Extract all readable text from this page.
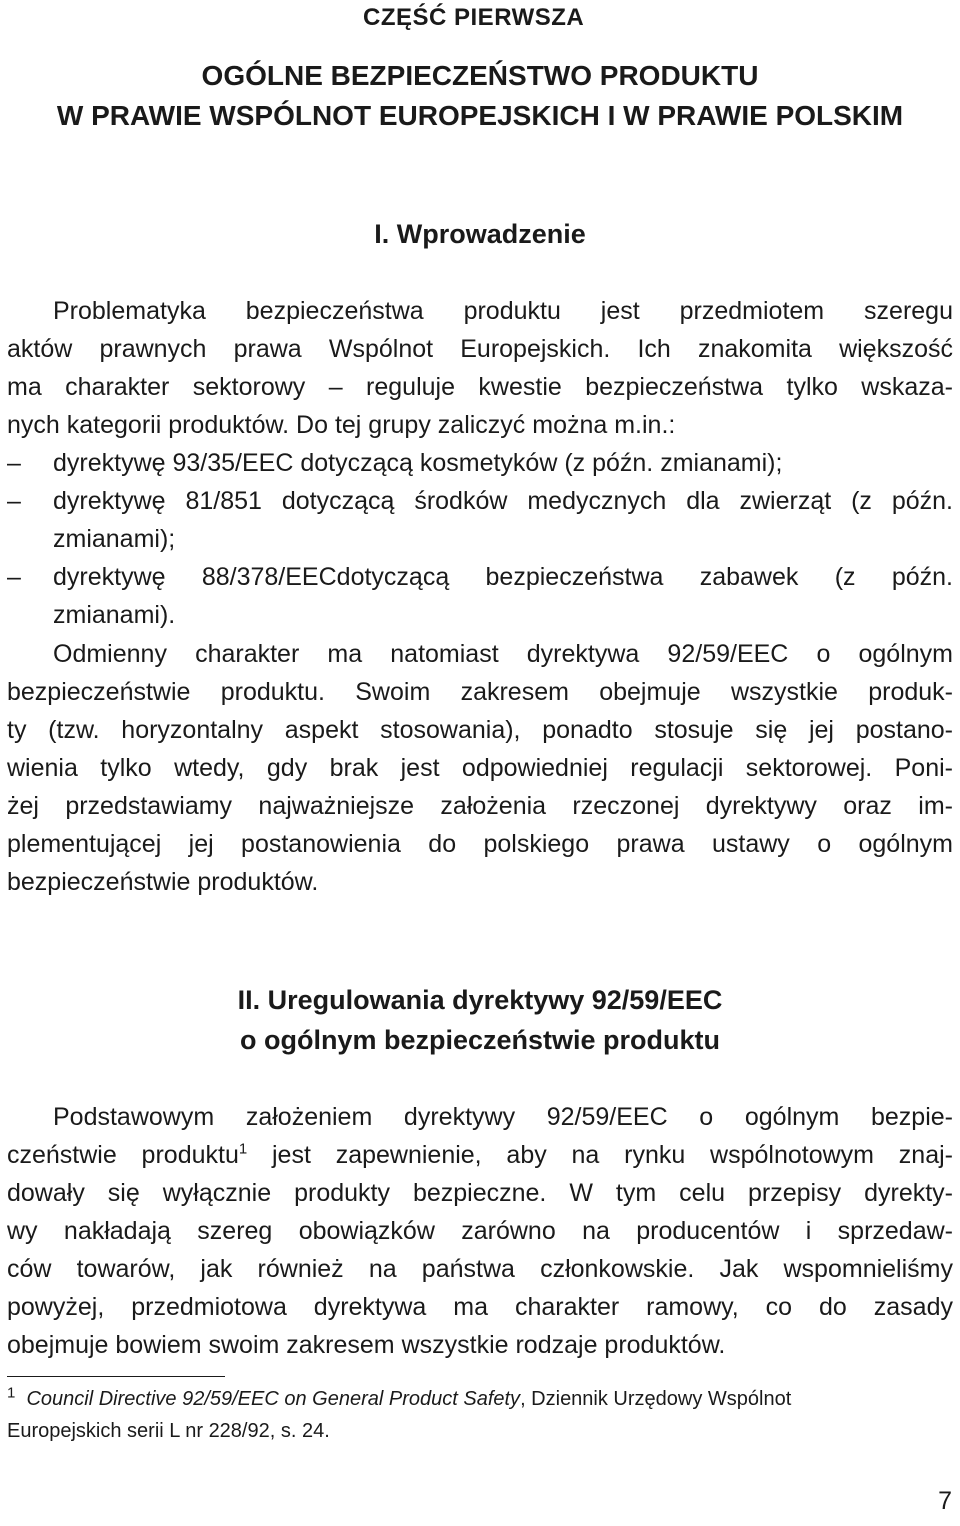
CZĘŚĆ PIERWSZA
OGÓLNE BEZPIECZEŃSTWO PRODUKTU
W PRAWIE WSPÓLNOT EUROPEJSKICH I W PRAWIE POLSKIM
I. Wprowadzenie
Problematyka bezpieczeństwa produktu jest przedmiotem szeregu
aktów prawnych prawa Wspólnot Europejskich. Ich znakomita większość
ma charakter sektorowy – reguluje kwestie bezpieczeństwa tylko wskaza-
nych kategorii produktów. Do tej grupy zaliczyć można m.in.:
– dyrektywę 93/35/EEC dotyczącą kosmetyków (z późn. zmianami);
– dyrektywę 81/851 dotyczącą środków medycznych dla zwierząt (z późn.
zmianami);
– dyrektywę 88/378/EECdotyczącą bezpieczeństwa zabawek (z późn.
zmianami).
Odmienny charakter ma natomiast dyrektywa 92/59/EEC o ogólnym
bezpieczeństwie produktu. Swoim zakresem obejmuje wszystkie produk-
ty (tzw. horyzontalny aspekt stosowania), ponadto stosuje się jej postano-
wienia tylko wtedy, gdy brak jest odpowiedniej regulacji sektorowej. Poni-
żej przedstawiamy najważniejsze założenia rzeczonej dyrektywy oraz im-
plementującej jej postanowienia do polskiego prawa ustawy o ogólnym
bezpieczeństwie produktów.
II. Uregulowania dyrektywy 92/59/EEC
o ogólnym bezpieczeństwie produktu
Podstawowym założeniem dyrektywy 92/59/EEC o ogólnym bezpie-
czeństwie produktu$^1$ jest zapewnienie, aby na rynku wspólnotowym znaj-
dowały się wyłącznie produkty bezpieczne. W tym celu przepisy dyrekty-
wy nakładają szereg obowiązków zarówno na producentów i sprzedaw-
ców towarów, jak również na państwa członkowskie. Jak wspomnieliśmy
powyżej, przedmiotowa dyrektywa ma charakter ramowy, co do zasady
obejmuje bowiem swoim zakresem wszystkie rodzaje produktów.
$^1$ Council Directive 92/59/EEC on General Product Safety, Dziennik Urzędowy Wspólnot
Europejskich serii L nr 228/92, s. 24.
7
